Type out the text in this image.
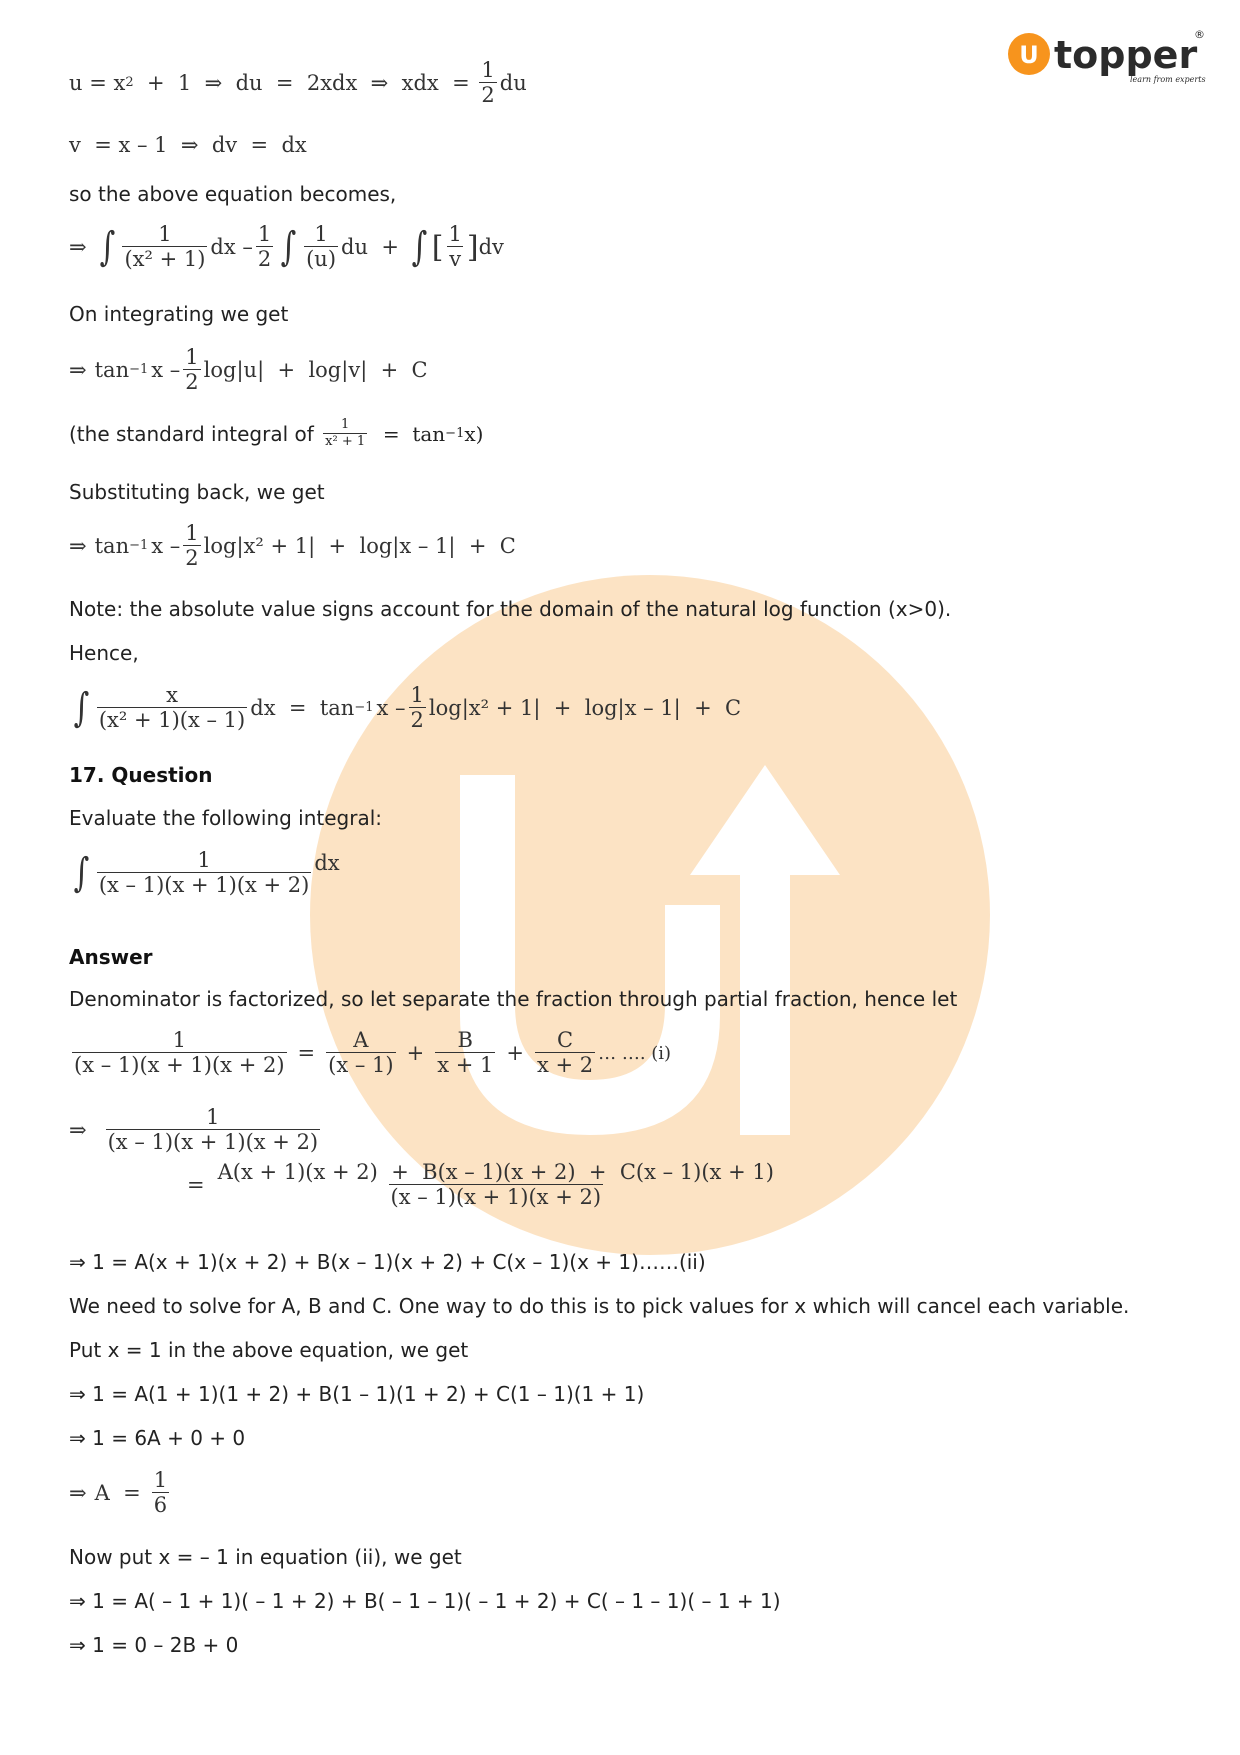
U topper
®
learn from experts
u = x 2 +  1  ⇒  du  =  2xdx  ⇒  xdx  = $\frac{1}{2}$ du
v  = x – 1  ⇒  dv  =  dx
so the above equation becomes,
⇒ ∫ $\frac{1}{\text{(x² + 1)}}$ dx – $\frac{1}{2}$ ∫ $\frac{1}{(u)}$ du  + ∫ [ $\frac{1}{v}$ ] dv
On integrating we get
⇒ tan −1 $x - \frac{1}{2} \log|u| + \log|v| + C$
(the standard integral of $\frac{1}{\text{x² + 1}} = \tan -1$ x)
Substituting back, we get
⇒ tan −1 $x - \frac{1}{2} \log|x^2 + 1| + \log|x - 1| + C$
Note: the absolute value signs account for the domain of the natural log function (x>0).
Hence,
∫ $\frac{x}{\text{(x² + 1)(x – 1)}}$ dx  =  tan −1 $x - \frac{1}{2} \log|x^2 + 1| + \log|x - 1| + C$
17. Question
Evaluate the following integral:
∫ $\frac{1}{(x - 1)(x + 1)(x + 2)}$ dx
Answer
Denominator is factorized, so let separate the fraction through partial fraction, hence let
$\frac{1}{(x - 1)(x + 1)(x + 2)} = \frac{A}{(x - 1)} + \frac{B}{x + 1} + \frac{C}{x + 2}$ … …. (i)
⇒ $\frac{1}{(x - 1)(x + 1)(x + 2)}$
= $\frac{A(x + 1)(x + 2) + B(x - 1)(x + 2) + C(x - 1)(x + 1)}{(x - 1)(x + 1)(x + 2)}$
⇒ 1 = A(x + 1)(x + 2) + B(x – 1)(x + 2) + C(x – 1)(x + 1)……(ii)
We need to solve for A, B and C. One way to do this is to pick values for x which will cancel each variable.
Put x = 1 in the above equation, we get
⇒ 1 = A(1 + 1)(1 + 2) + B(1 – 1)(1 + 2) + C(1 – 1)(1 + 1)
⇒ 1 = 6A + 0 + 0
⇒ $A = \frac{1}{6}$
Now put x = – 1 in equation (ii), we get
⇒ 1 = A( – 1 + 1)( – 1 + 2) + B( – 1 – 1)( – 1 + 2) + C( – 1 – 1)( – 1 + 1)
⇒ 1 = 0 – 2B + 0
